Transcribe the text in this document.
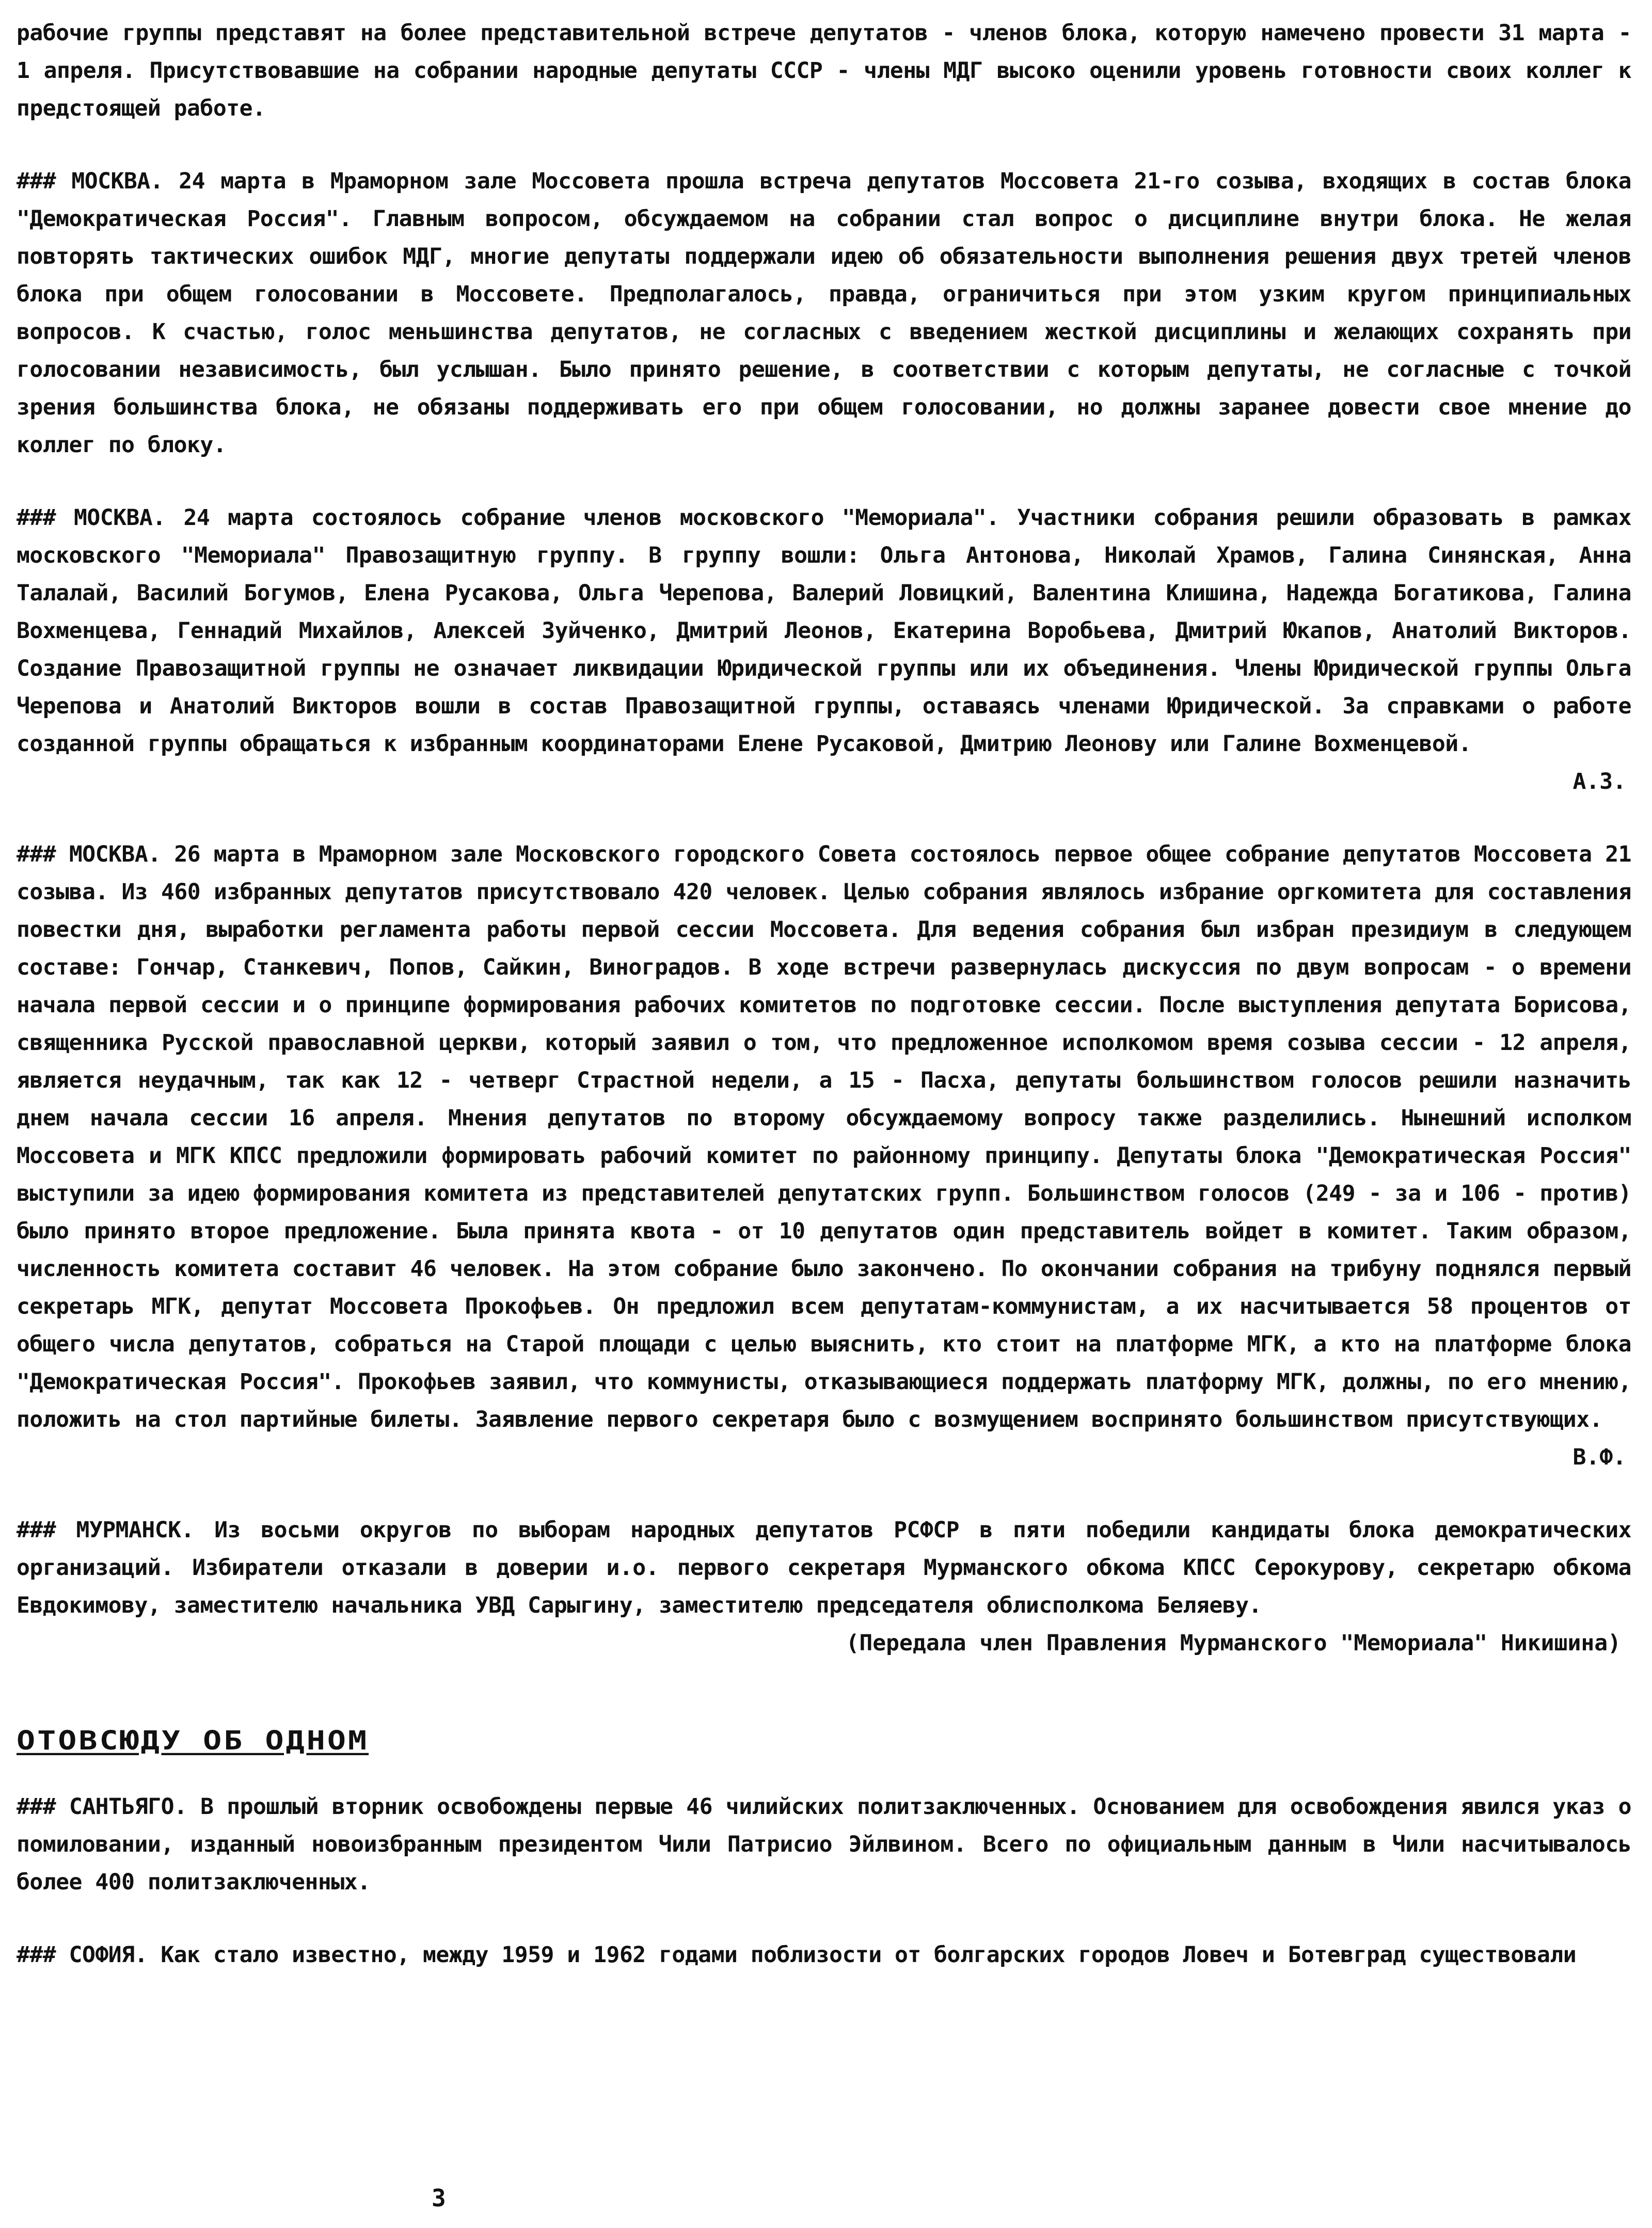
рабочие группы представят на более представительной встрече депутатов - членов блока, которую намечено провести 31 марта - 1 апреля. Присутствовавшие на собрании народные депутаты СССР - члены МДГ высоко оценили уровень готовности своих коллег к предстоящей работе.

### МОСКВА. 24 марта в Мраморном зале Моссовета прошла встреча депутатов Моссовета 21-го созыва, входящих в состав блока "Демократическая Россия". Главным вопросом, обсуждаемом на собрании стал вопрос о дисциплине внутри блока. Не желая повторять тактических ошибок МДГ, многие депутаты поддержали идею об обязательности выполнения решения двух третей членов блока при общем голосовании в Моссовете. Предполагалось, правда, ограничиться при этом узким кругом принципиальных вопросов. К счастью, голос меньшинства депутатов, не согласных с введением жесткой дисциплины и желающих сохранять при голосовании независимость, был услышан. Было принято решение, в соответствии с которым депутаты, не согласные с точкой зрения большинства блока, не обязаны поддерживать его при общем голосовании, но должны заранее довести свое мнение до коллег по блоку.

### МОСКВА. 24 марта состоялось собрание членов московского "Мемориала". Участники собрания решили образовать в рамках московского "Мемориала" Правозащитную группу. В группу вошли: Ольга Антонова, Николай Храмов, Галина Синянская, Анна Талалай, Василий Богумов, Елена Русакова, Ольга Черепова, Валерий Ловицкий, Валентина Клишина, Надежда Богатикова, Галина Вохменцева, Геннадий Михайлов, Алексей Зуйченко, Дмитрий Леонов, Екатерина Воробьева, Дмитрий Юкапов, Анатолий Викторов. Создание Правозащитной группы не означает ликвидации Юридической группы или их объединения. Члены Юридической группы Ольга Черепова и Анатолий Викторов вошли в состав Правозащитной группы, оставаясь членами Юридической. За справками о работе созданной группы обращаться к избранным координаторами Елене Русаковой, Дмитрию Леонову или Галине Вохменцевой.

А.З.

### МОСКВА. 26 марта в Мраморном зале Московского городского Совета состоялось первое общее собрание депутатов Моссовета 21 созыва. Из 460 избранных депутатов присутствовало 420 человек. Целью собрания являлось избрание оргкомитета для составления повестки дня, выработки регламента работы первой сессии Моссовета. Для ведения собрания был избран президиум в следующем составе: Гончар, Станкевич, Попов, Сайкин, Виноградов. В ходе встречи развернулась дискуссия по двум вопросам - о времени начала первой сессии и о принципе формирования рабочих комитетов по подготовке сессии. После выступления депутата Борисова, священника Русской православной церкви, который заявил о том, что предложенное исполкомом время созыва сессии - 12 апреля, является неудачным, так как 12 - четверг Страстной недели, а 15 - Пасха, депутаты большинством голосов решили назначить днем начала сессии 16 апреля. Мнения депутатов по второму обсуждаемому вопросу также разделились. Нынешний исполком Моссовета и МГК КПСС предложили формировать рабочий комитет по районному принципу. Депутаты блока "Демократическая Россия" выступили за идею формирования комитета из представителей депутатских групп. Большинством голосов (249 - за и 106 - против) было принято второе предложение. Была принята квота - от 10 депутатов один представитель войдет в комитет. Таким образом, численность комитета составит 46 человек. На этом собрание было закончено. По окончании собрания на трибуну поднялся первый секретарь МГК, депутат Моссовета Прокофьев. Он предложил всем депутатам-коммунистам, а их насчитывается 58 процентов от общего числа депутатов, собраться на Старой площади с целью выяснить, кто стоит на платформе МГК, а кто на платформе блока "Демократическая Россия". Прокофьев заявил, что коммунисты, отказывающиеся поддержать платформу МГК, должны, по его мнению, положить на стол партийные билеты. Заявление первого секретаря было с возмущением воспринято большинством присутствующих.

В.Ф.

### МУРМАНСК. Из восьми округов по выборам народных депутатов РСФСР в пяти победили кандидаты блока демократических организаций. Избиратели отказали в доверии и.о. первого секретаря Мурманского обкома КПСС Серокурову, секретарю обкома Евдокимову, заместителю начальника УВД Сарыгину, заместителю председателя облисполкома Беляеву.

(Передала член Правления Мурманского "Мемориала" Никишина)

ОТОВСЮДУ ОБ ОДНОМ

### САНТЬЯГО. В прошлый вторник освобождены первые 46 чилийских политзаключенных. Основанием для освобождения явился указ о помиловании, изданный новоизбранным президентом Чили Патрисио Эйлвином. Всего по официальным данным в Чили насчитывалось более 400 политзаключенных.

### СОФИЯ. Как стало известно, между 1959 и 1962 годами поблизости от болгарских городов Ловеч и Ботевград существовали

3
